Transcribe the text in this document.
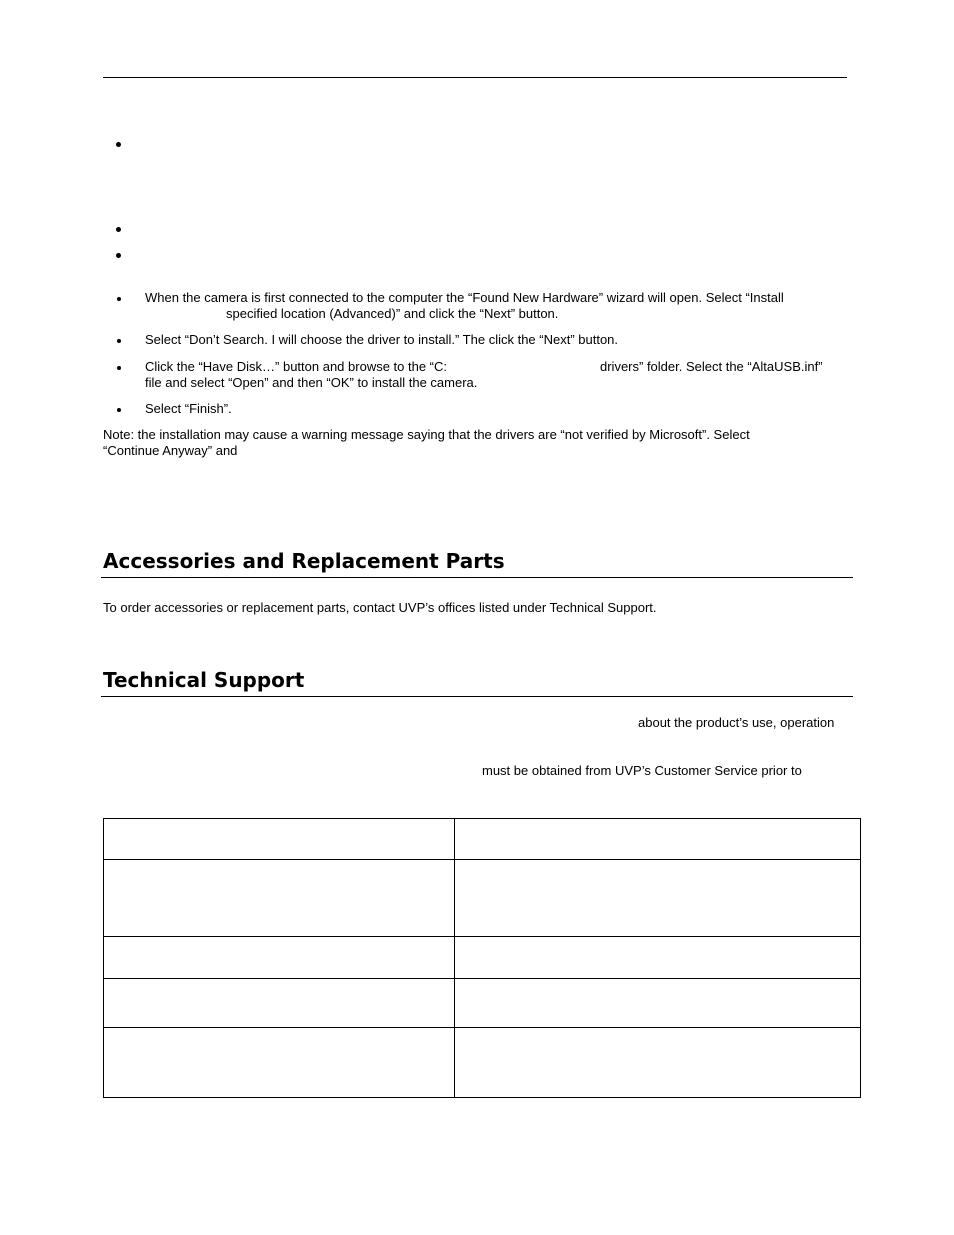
When the camera is first connected to the computer the “Found New Hardware” wizard will open. Select “Install

specified location (Advanced)” and click the “Next” button.

Select “Don’t Search. I will choose the driver to install.” The click the “Next” button.

Click the “Have Disk…” button and browse to the “C:	drivers” folder. Select the “AltaUSB.inf”

file and select “Open” and then “OK” to install the camera.

Select “Finish”.

Note: the installation may cause a warning message saying that the drivers are “not verified by Microsoft”. Select

“Continue Anyway” and

Accessories and Replacement Parts

To order accessories or replacement parts, contact UVP’s offices listed under Technical Support.

Technical Support

about the product’s use, operation

must be obtained from UVP’s Customer Service prior to
